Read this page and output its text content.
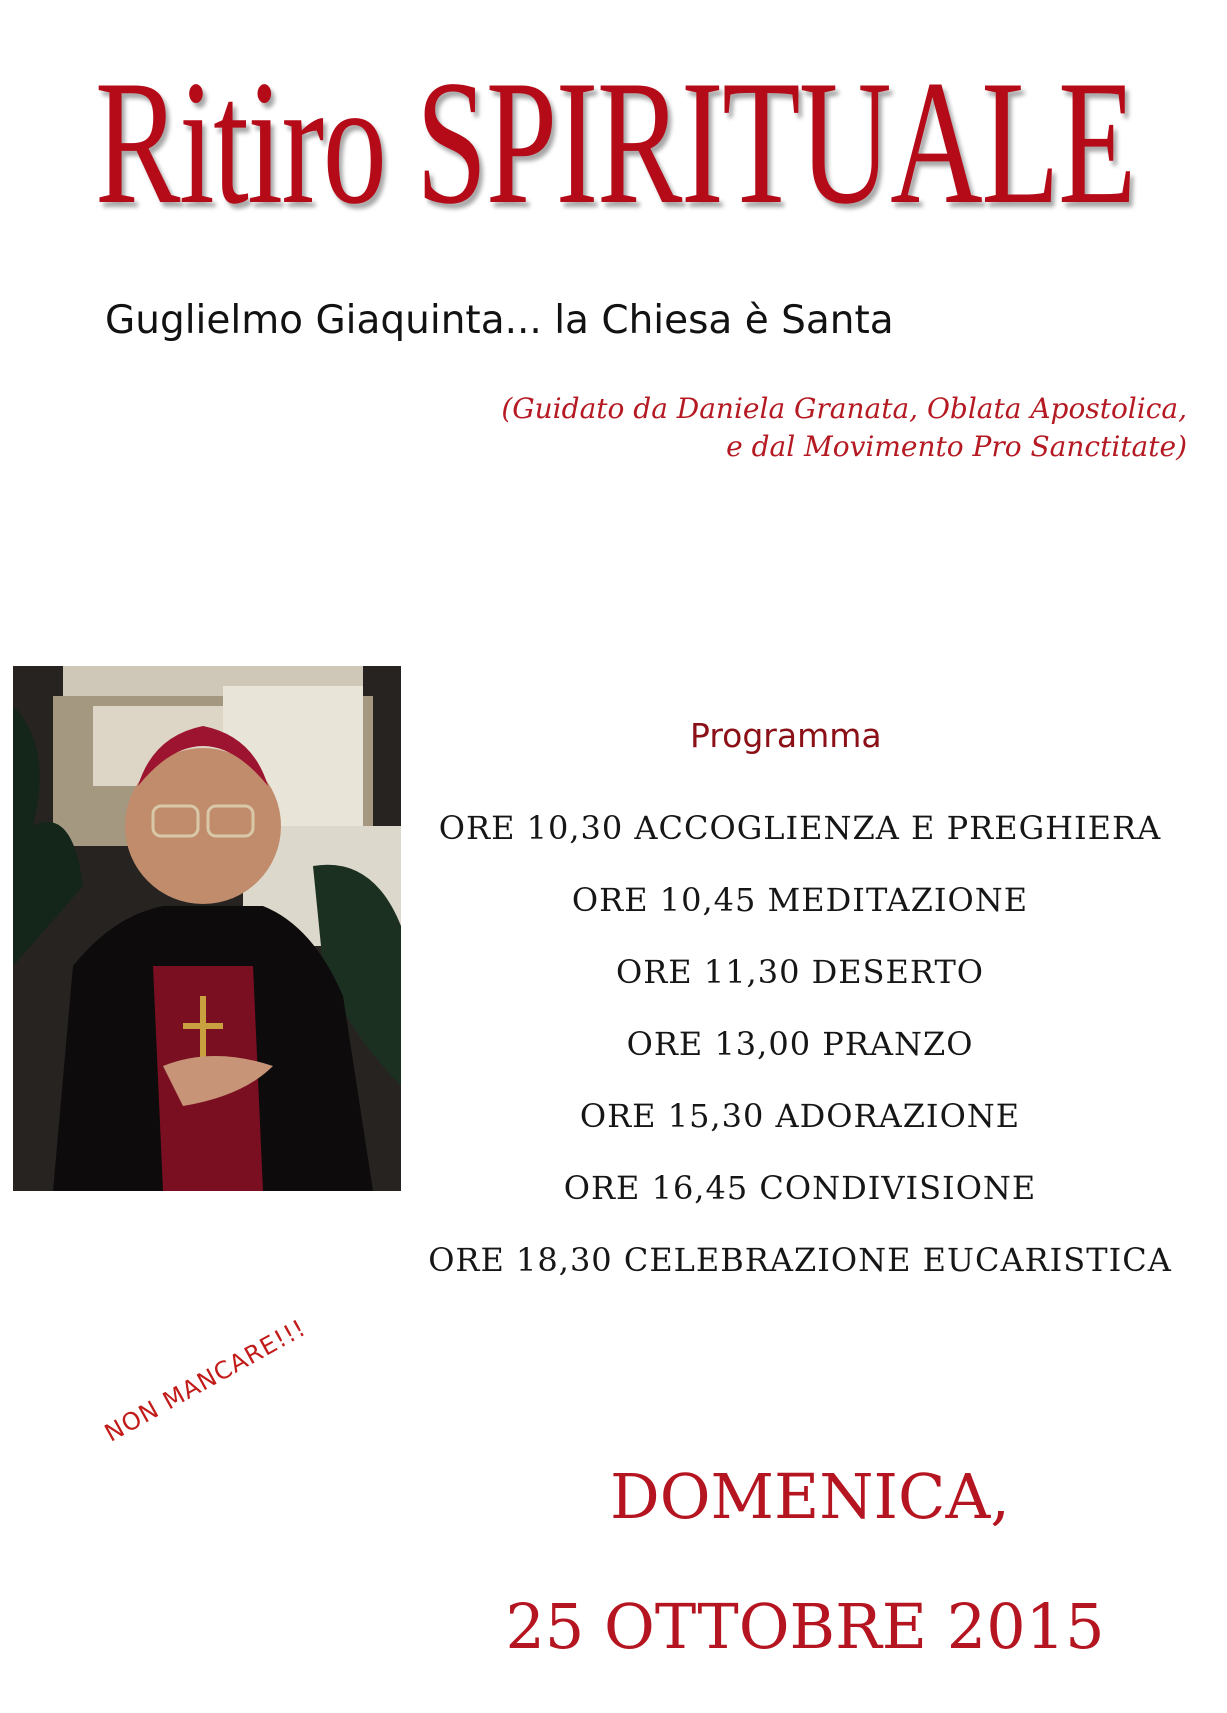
Ritiro SPIRITUALE
Guglielmo Giaquinta... la Chiesa è Santa
(Guidato da Daniela Granata, Oblata Apostolica,
e dal Movimento Pro Sanctitate)
Programma
ORE 10,30 ACCOGLIENZA E PREGHIERA
ORE 10,45 MEDITAZIONE
ORE 11,30 DESERTO
ORE 13,00 PRANZO
ORE 15,30 ADORAZIONE
ORE 16,45 CONDIVISIONE
ORE 18,30 CELEBRAZIONE EUCARISTICA
NON MANCARE!!!
DOMENICA,
25 OTTOBRE 2015
